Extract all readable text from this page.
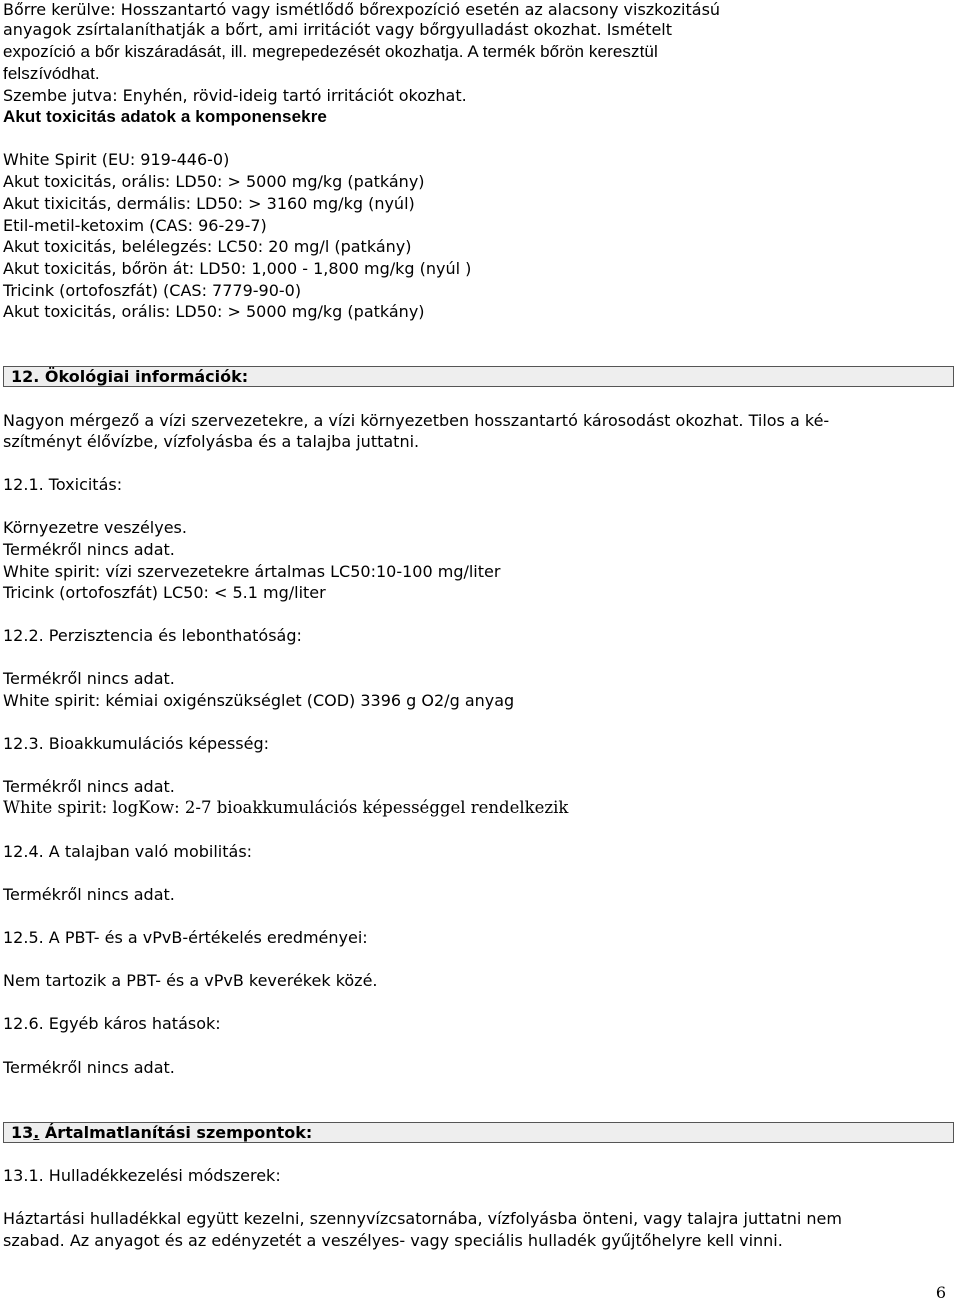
Bőrre kerülve: Hosszantartó vagy ismétlődő bőrexpozíció esetén az alacsony viszkozitású
anyagok zsírtalaníthatják a bőrt, ami irritációt vagy bőrgyulladást okozhat. Ismételt
expozíció a bőr kiszáradását, ill. megrepedezését okozhatja. A termék bőrön keresztül
felszívódhat.
Szembe jutva: Enyhén, rövid-ideig tartó irritációt okozhat.
Akut toxicitás adatok a komponensekre
White Spirit (EU: 919-446-0)
Akut toxicitás, orális: LD50: > 5000 mg/kg (patkány)
Akut tixicitás, dermális: LD50: > 3160 mg/kg (nyúl)
Etil-metil-ketoxim (CAS: 96-29-7)
Akut toxicitás, belélegzés: LC50: 20 mg/l (patkány)
Akut toxicitás, bőrön át: LD50: 1,000 - 1,800 mg/kg (nyúl )
Tricink (ortofoszfát) (CAS: 7779-90-0)
Akut toxicitás, orális: LD50: > 5000 mg/kg (patkány)
12. Ökológiai információk:
Nagyon mérgező a vízi szervezetekre, a vízi környezetben hosszantartó károsodást okozhat. Tilos a ké-
szítményt élővízbe, vízfolyásba és a talajba juttatni.
12.1. Toxicitás:
Környezetre veszélyes.
Termékről nincs adat.
White spirit: vízi szervezetekre ártalmas LC50:10-100 mg/liter
Tricink (ortofoszfát) LC50: < 5.1 mg/liter
12.2. Perzisztencia és lebonthatóság:
Termékről nincs adat.
White spirit: kémiai oxigénszükséglet (COD) 3396 g O2/g anyag
12.3. Bioakkumulációs képesség:
Termékről nincs adat.
White spirit: logKow: 2-7 bioakkumulációs képességgel rendelkezik
12.4. A talajban való mobilitás:
Termékről nincs adat.
12.5. A PBT- és a vPvB-értékelés eredményei:
Nem tartozik a PBT- és a vPvB keverékek közé.
12.6. Egyéb káros hatások:
Termékről nincs adat.
13. Ártalmatlanítási szempontok:
13.1. Hulladékkezelési módszerek:
Háztartási hulladékkal együtt kezelni, szennyvízcsatornába, vízfolyásba önteni, vagy talajra juttatni nem
szabad. Az anyagot és az edényzetét a veszélyes- vagy speciális hulladék gyűjtőhelyre kell vinni.
6
